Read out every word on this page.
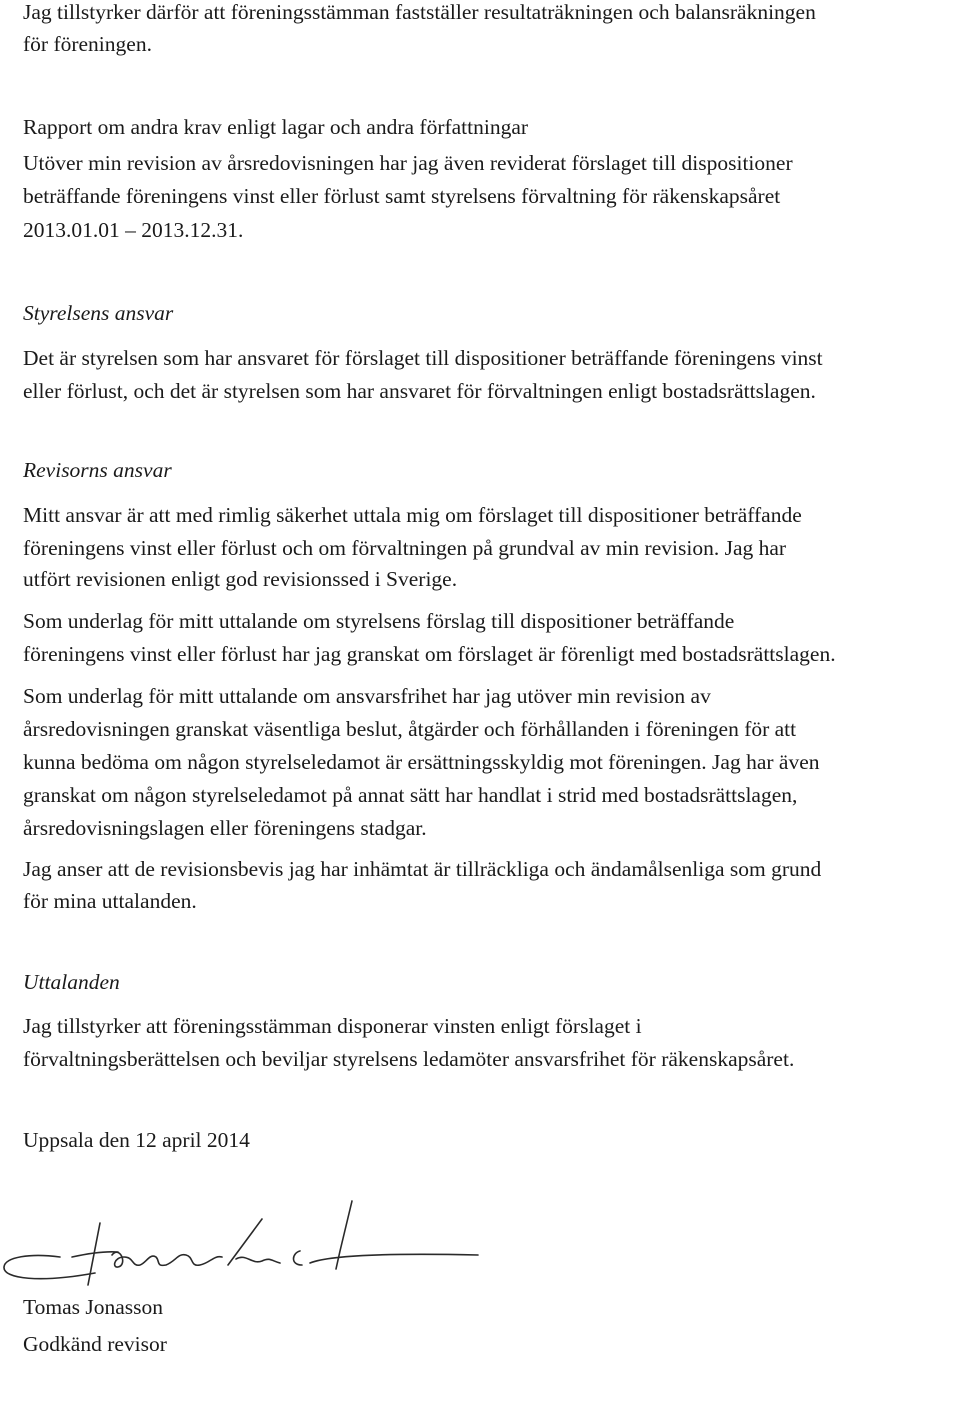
Jag tillstyrker därför att föreningsstämman fastställer resultaträkningen och balansräkningen
för föreningen.
Rapport om andra krav enligt lagar och andra författningar
Utöver min revision av årsredovisningen har jag även reviderat förslaget till dispositioner
beträffande föreningens vinst eller förlust samt styrelsens förvaltning för räkenskapsåret
2013.01.01 – 2013.12.31.
Styrelsens ansvar
Det är styrelsen som har ansvaret för förslaget till dispositioner beträffande föreningens vinst
eller förlust, och det är styrelsen som har ansvaret för förvaltningen enligt bostadsrättslagen.
Revisorns ansvar
Mitt ansvar är att med rimlig säkerhet uttala mig om förslaget till dispositioner beträffande
föreningens vinst eller förlust och om förvaltningen på grundval av min revision. Jag har
utfört revisionen enligt god revisionssed i Sverige.
Som underlag för mitt uttalande om styrelsens förslag till dispositioner beträffande
föreningens vinst eller förlust har jag granskat om förslaget är förenligt med bostadsrättslagen.
Som underlag för mitt uttalande om ansvarsfrihet har jag utöver min revision av
årsredovisningen granskat väsentliga beslut, åtgärder och förhållanden i föreningen för att
kunna bedöma om någon styrelseledamot är ersättningsskyldig mot föreningen. Jag har även
granskat om någon styrelseledamot på annat sätt har handlat i strid med bostadsrättslagen,
årsredovisningslagen eller föreningens stadgar.
Jag anser att de revisionsbevis jag har inhämtat är tillräckliga och ändamålsenliga som grund
för mina uttalanden.
Uttalanden
Jag tillstyrker att föreningsstämman disponerar vinsten enligt förslaget i
förvaltningsberättelsen och beviljar styrelsens ledamöter ansvarsfrihet för räkenskapsåret.
Uppsala den 12 april 2014
Tomas Jonasson
Godkänd revisor
